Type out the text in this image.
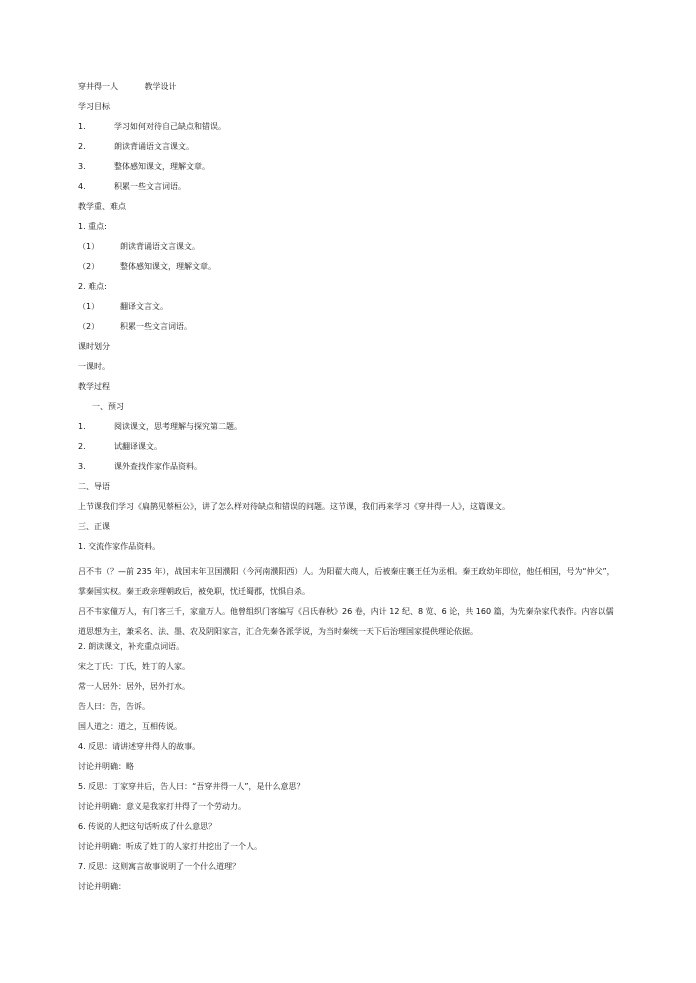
穿井得一人	教学设计
学习目标
1.	学习如何对待自己缺点和错误。
2.	朗读背诵语文言课文。
3.	整体感知课文，理解文章。
4.	积累一些文言词语。
教学重、难点
1. 重点:
（1）	朗读背诵语文言课文。
（2）	整体感知课文，理解文章。
2. 难点:
（1）	翻译文言文。
（2）	积累一些文言词语。
课时划分
一课时。
教学过程
一、预习
1.	阅读课文，思考理解与探究第二题。
2.	试翻译课文。
3.	课外查找作家作品资料。
二、导语
上节课我们学习《扁鹊见蔡桓公》，讲了怎么样对待缺点和错误的问题。这节课，我们再来学习《穿井得一人》，这篇课文。
三、正课
1. 交流作家作品资料。
吕不韦（？—前 235 年），战国末年卫国濮阳（今河南濮阳西）人。为阳翟大商人，后被秦庄襄王任为丞相。秦王政幼年即位，他任相国，号为“仲父”，掌秦国实权。秦王政亲理朝政后，被免职，忧迁蜀郡，忧惧自杀。
吕不韦家僮万人，有门客三千，家童万人。他曾组织门客编写《吕氏春秋》26 卷，内计 12 纪、8 览、6 论，共 160 篇，为先秦杂家代表作。内容以儒道思想为主，兼采名、法、墨、农及阴阳家言，汇合先秦各派学说，为当时秦统一天下后治理国家提供理论依据。
2. 朗读课文，补充重点词语。
宋之丁氏：丁氏，姓丁的人家。
常一人居外：居外，居外打水。
告人曰：告，告诉。
国人道之：道之，互相传说。
4. 反思：请讲述穿井得人的故事。
讨论并明确：略
5. 反思：丁家穿井后，告人曰：“吾穿井得一人”，是什么意思？
讨论并明确：意义是我家打井得了一个劳动力。
6. 传说的人把这句话听成了什么意思？
讨论并明确：听成了姓丁的人家打井挖出了一个人。
7. 反思：这则寓言故事说明了一个什么道理？
讨论并明确：
